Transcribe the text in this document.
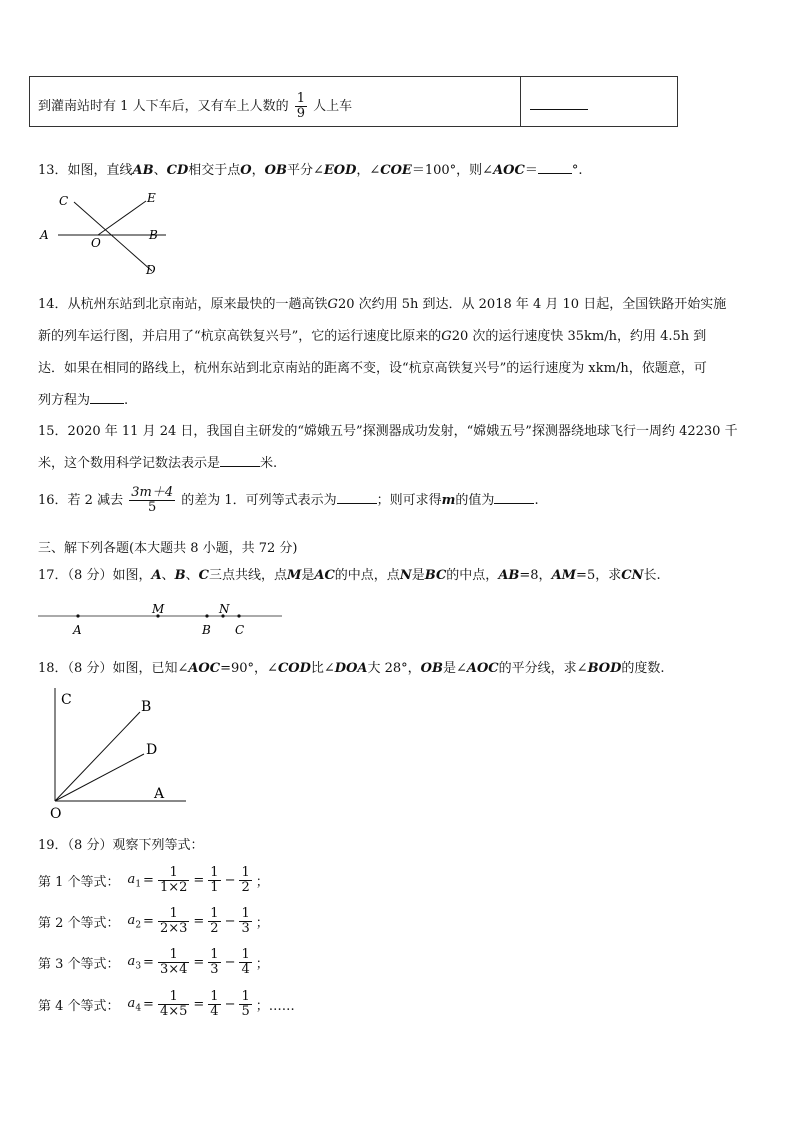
到灌南站时有 1 人下车后，又有车上人数的 $\frac{1}{9}$ 人上车
13．如图，直线AB、CD相交于点O，OB平分∠EOD，∠COE＝100°，则∠AOC＝	°.
C	E
A
O
B
D
14．从杭州东站到北京南站，原来最快的一趟高铁G20 次约用 5h 到达．从 2018 年 4 月 10 日起，全国铁路开始实施
新的列车运行图，并启用了“杭京高铁复兴号”，它的运行速度比原来的G20 次的运行速度快 35km/h，约用 4.5h 到
达．如果在相同的路线上，杭州东站到北京南站的距离不变，设“杭京高铁复兴号”的运行速度为 xkm/h，依题意，可
列方程为	.
15．2020 年 11 月 24 日，我国自主研发的“嫦娥五号”探测器成功发射，“嫦娥五号”探测器绕地球飞行一周约 42230 千
米，这个数用科学记数法表示是	米.
16．若 2 减去 $\frac{3m+4}{5}$ 的差为 1．可列等式表示为	；则可求得m的值为	.
三、解下列各题(本大题共 8 小题，共 72 分)
17．（8 分）如图，A、B、C三点共线，点M是AC的中点，点N是BC的中点，AB=8，AM=5，求CN长.
A
M
B
N
C
18．（8 分）如图，已知∠AOC=90°，∠COD比∠DOA大 28°，OB是∠AOC的平分线，求∠BOD的度数.
C	B
D
O
A
19．（8 分）观察下列等式：
第 1 个等式： $a_1 = \frac{1}{1\times 2} = \frac{1}{1} - \frac{1}{2}$ ；
第 2 个等式： $a_2 = \frac{1}{2\times 3} = \frac{1}{2} - \frac{1}{3}$ ；
第 3 个等式： $a_3 = \frac{1}{3\times 4} = \frac{1}{3} - \frac{1}{4}$ ；
第 4 个等式： $a_4 = \frac{1}{4\times 5} = \frac{1}{4} - \frac{1}{5}$ ；……
